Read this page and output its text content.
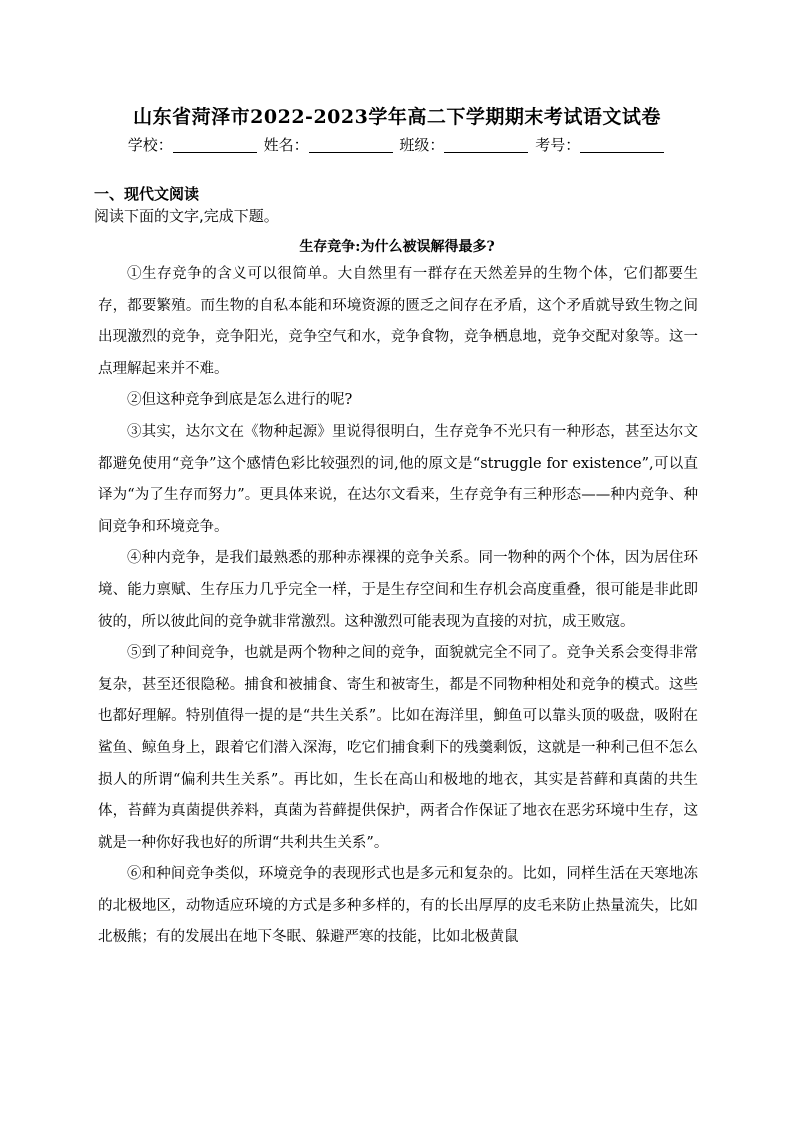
山东省菏泽市2022-2023学年高二下学期期末考试语文试卷
学校：	姓名：	班级：	考号：
一、现代文阅读
阅读下面的文字,完成下题。
生存竞争:为什么被误解得最多?

①生存竞争的含义可以很简单。大自然里有一群存在天然差异的生物个体，它们都要生存，都要繁殖。而生物的自私本能和环境资源的匮乏之间存在矛盾，这个矛盾就导致生物之间出现激烈的竞争，竞争阳光，竞争空气和水，竞争食物，竞争栖息地，竞争交配对象等。这一点理解起来并不难。

②但这种竞争到底是怎么进行的呢?

③其实，达尔文在《物种起源》里说得很明白，生存竞争不光只有一种形态，甚至达尔文都避免使用“竞争”这个感情色彩比较强烈的词,他的原文是“struggle for existence”,可以直译为“为了生存而努力”。更具体来说，在达尔文看来，生存竞争有三种形态——种内竞争、种间竞争和环境竞争。

④种内竞争，是我们最熟悉的那种赤裸裸的竞争关系。同一物种的两个个体，因为居住环境、能力禀赋、生存压力几乎完全一样，于是生存空间和生存机会高度重叠，很可能是非此即彼的，所以彼此间的竞争就非常激烈。这种激烈可能表现为直接的对抗，成王败寇。

⑤到了种间竞争，也就是两个物种之间的竞争，面貌就完全不同了。竞争关系会变得非常复杂，甚至还很隐秘。捕食和被捕食、寄生和被寄生，都是不同物种相处和竞争的模式。这些也都好理解。特别值得一提的是“共生关系”。比如在海洋里，鮣鱼可以靠头顶的吸盘，吸附在鲨鱼、鲸鱼身上，跟着它们潜入深海，吃它们捕食剩下的残羹剩饭，这就是一种利己但不怎么损人的所谓“偏利共生关系”。再比如，生长在高山和极地的地衣，其实是苔藓和真菌的共生体，苔藓为真菌提供养料，真菌为苔藓提供保护，两者合作保证了地衣在恶劣环境中生存，这就是一种你好我也好的所谓“共利共生关系”。

⑥和种间竞争类似，环境竞争的表现形式也是多元和复杂的。比如，同样生活在天寒地冻的北极地区，动物适应环境的方式是多种多样的，有的长出厚厚的皮毛来防止热量流失，比如北极熊；有的发展出在地下冬眠、躲避严寒的技能，比如北极黄鼠
